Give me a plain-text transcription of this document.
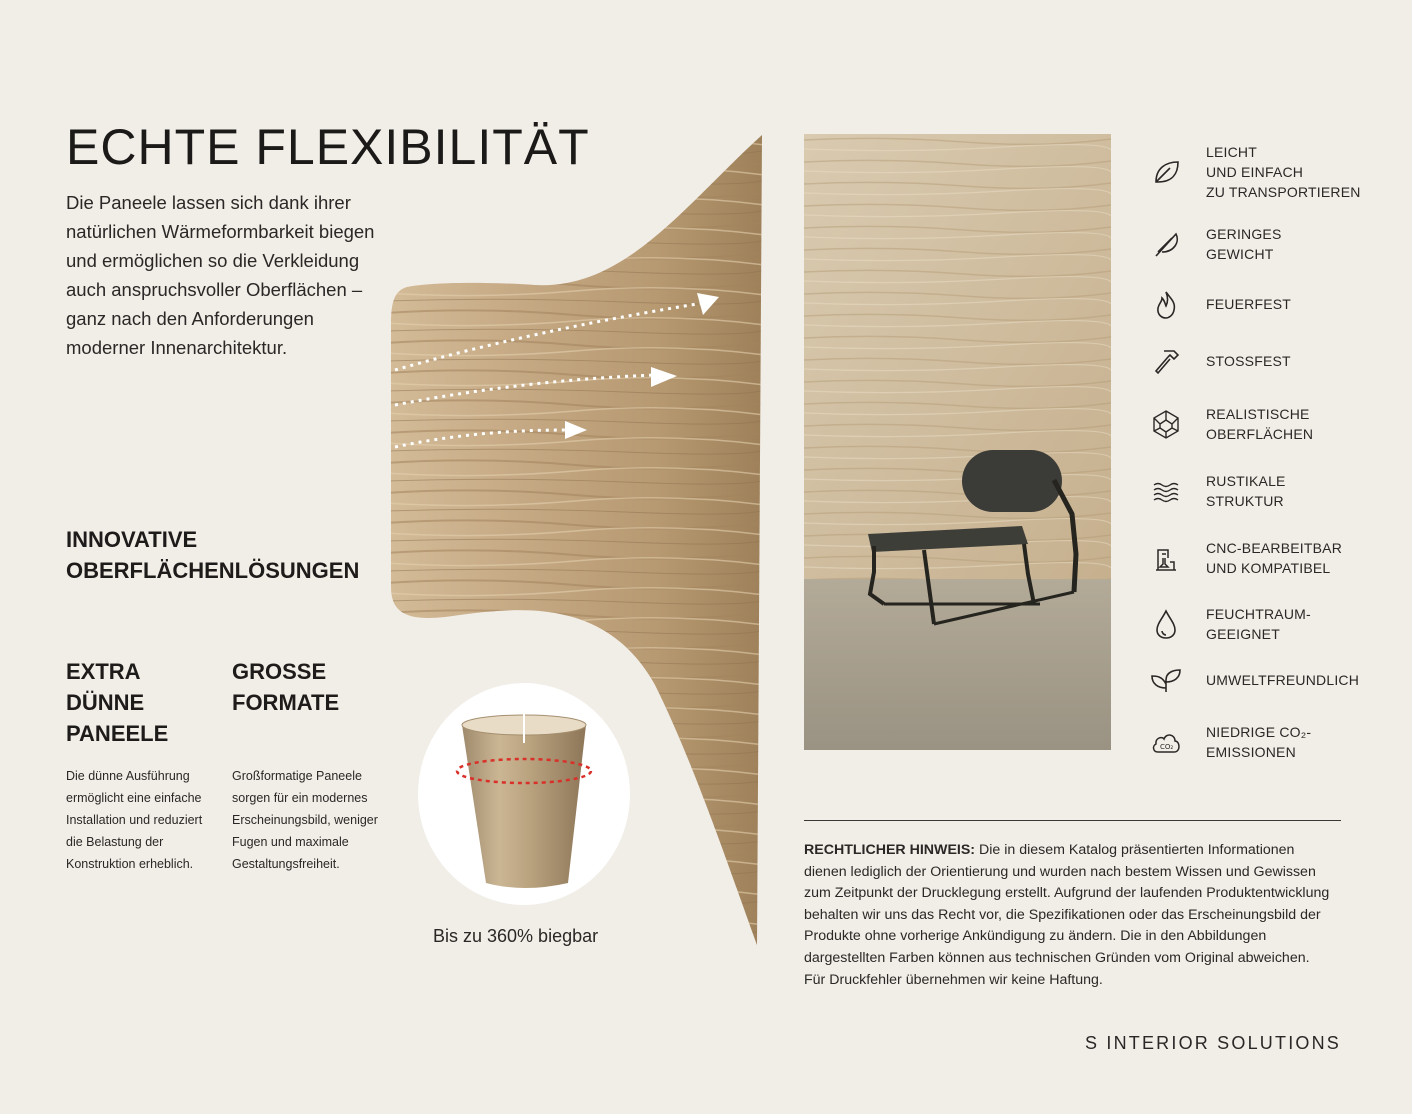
ECHTE FLEXIBILITÄT

Die Paneele lassen sich dank ihrer natürlichen Wärmeformbarkeit biegen und ermöglichen so die Verkleidung auch anspruchsvoller Oberflächen – ganz nach den Anforderungen moderner Innenarchitektur.

INNOVATIVE
OBERFLÄCHENLÖSUNGEN
EXTRA
DÜNNE
PANEELE

Die dünne Ausführung ermöglicht eine einfache Installation und reduziert die Belastung der Konstruktion erheblich.

GROSSE
FORMATE

Großformatige Paneele sorgen für ein modernes Erscheinungsbild, weniger Fugen und maximale Gestaltungsfreiheit.

Bis zu 360% biegbar
LEICHT
UND EINFACH
ZU TRANSPORTIEREN
GERINGES
GEWICHT
FEUERFEST
STOSSFEST
REALISTISCHE
OBERFLÄCHEN
RUSTIKALE
STRUKTUR
CNC-BEARBEITBAR
UND KOMPATIBEL
FEUCHTRAUM-
GEEIGNET
UMWELTFREUNDLICH
CO₂
NIEDRIGE CO₂-
EMISSIONEN

RECHTLICHER HINWEIS: Die in diesem Katalog präsentierten Informationen dienen lediglich der Orientierung und wurden nach bestem Wissen und Gewissen zum Zeitpunkt der Drucklegung erstellt. Aufgrund der laufenden Produktentwicklung behalten wir uns das Recht vor, die Spezifikationen oder das Erscheinungsbild der Produkte ohne vorherige Ankündigung zu ändern. Die in den Abbildungen dargestellten Farben können aus technischen Gründen vom Original abweichen. Für Druckfehler übernehmen wir keine Haftung.

S INTERIOR SOLUTIONS
